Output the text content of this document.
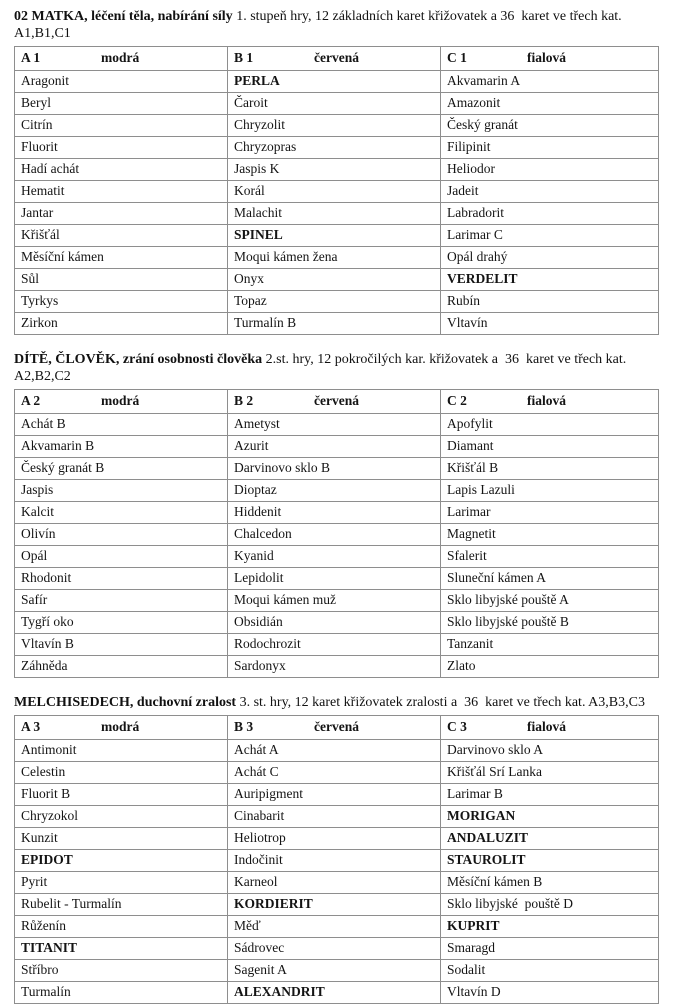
02 MATKA, léčení těla, nabírání síly 1. stupeň hry, 12 základních karet křižovatek a 36  karet ve třech kat. A1,B1,C1

A 1 modrá	B 1 červená	C 1 fialová
Aragonit	PERLA	Akvamarin A
Beryl	Čaroit	Amazonit
Citrín	Chryzolit	Český granát
Fluorit	Chryzopras	Filipinit
Hadí achát	Jaspis K	Heliodor
Hematit	Korál	Jadeit
Jantar	Malachit	Labradorit
Křišťál	SPINEL	Larimar C
Měsíční kámen	Moqui kámen žena	Opál drahý
Sůl	Onyx	VERDELIT
Tyrkys	Topaz	Rubín
Zirkon	Turmalín B	Vltavín

DÍTĚ, ČLOVĚK, zrání osobnosti člověka 2.st. hry, 12 pokročilých kar. křižovatek a  36  karet ve třech kat. A2,B2,C2

A 2 modrá	B 2 červená	C 2 fialová
Achát B	Ametyst	Apofylit
Akvamarin B	Azurit	Diamant
Český granát B	Darvinovo sklo B	Křišťál B
Jaspis	Dioptaz	Lapis Lazuli
Kalcit	Hiddenit	Larimar
Olivín	Chalcedon	Magnetit
Opál	Kyanid	Sfalerit
Rhodonit	Lepidolit	Sluneční kámen A
Safír	Moqui kámen muž	Sklo libyjské pouště A
Tygří oko	Obsidián	Sklo libyjské pouště B
Vltavín B	Rodochrozit	Tanzanit
Záhněda	Sardonyx	Zlato

MELCHISEDECH, duchovní zralost 3. st. hry, 12 karet křižovatek zralosti a  36  karet ve třech kat. A3,B3,C3

A 3 modrá	B 3 červená	C 3 fialová
Antimonit	Achát A	Darvinovo sklo A
Celestin	Achát C	Křišťál Srí Lanka
Fluorit B	Auripigment	Larimar B
Chryzokol	Cinabarit	MORIGAN
Kunzit	Heliotrop	ANDALUZIT
EPIDOT	Indočinit	STAUROLIT
Pyrit	Karneol	Měsíční kámen B
Rubelit - Turmalín	KORDIERIT	Sklo libyjské  pouště D
Růženín	Měď	KUPRIT
TITANIT	Sádrovec	Smaragd
Stříbro	Sagenit A	Sodalit
Turmalín	ALEXANDRIT	Vltavín D
